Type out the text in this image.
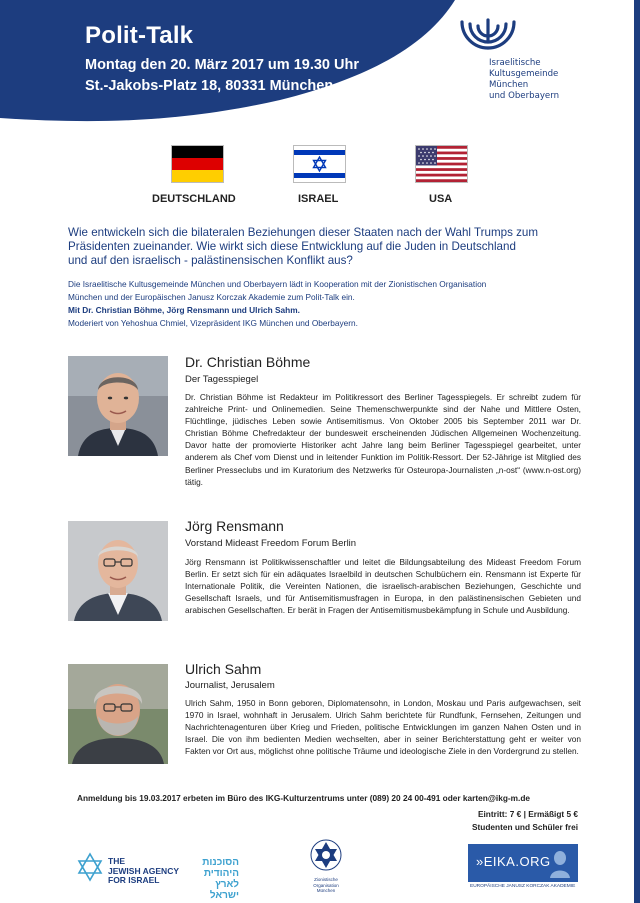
Polit-Talk
Montag den 20. März 2017 um 19.30 Uhr
St.-Jakobs-Platz 18, 80331 München
Israelitische
Kultusgemeinde
München
und Oberbayern
DEUTSCHLAND	ISRAEL	USA
Wie entwickeln sich die bilateralen Beziehungen dieser Staaten nach der Wahl Trumps zum
Präsidenten zueinander. Wie wirkt sich diese Entwicklung auf die Juden in Deutschland
und auf den israelisch - palästinensischen Konflikt aus?
Die Israelitische Kultusgemeinde München und Oberbayern lädt in Kooperation mit der Zionistischen Organisation
München und der Europäischen Janusz Korczak Akademie zum Polit-Talk ein.
Mit Dr. Christian Böhme, Jörg Rensmann und Ulrich Sahm.
Moderiert von Yehoshua Chmiel, Vizepräsident IKG München und Oberbayern.
Dr. Christian Böhme
Der Tagesspiegel
Dr. Christian Böhme ist Redakteur im Politikressort des Berliner Tagesspiegels. Er schreibt zudem für zahlreiche Print- und Onlinemedien. Seine Themenschwerpunkte sind der Nahe und Mittlere Osten, Flüchtlinge, jüdisches Leben sowie Antisemitismus. Von Oktober 2005 bis September 2011 war Dr. Christian Böhme Chefredakteur der bundesweit erscheinenden Jüdischen Allgemeinen Wochenzeitung. Davor hatte der promovierte Historiker acht Jahre lang beim Berliner Tagesspiegel gearbeitet, unter anderem als Chef vom Dienst und in leitender Funktion im Politik-Ressort. Der 52-Jährige ist Mitglied des Berliner Presseclubs und im Kuratorium des Netzwerks für Osteuropa-Journalisten „n-ost“ (www.n-ost.org) tätig.
Jörg Rensmann
Vorstand Mideast Freedom Forum Berlin
Jörg Rensmann ist Politikwissenschaftler und leitet die Bildungsabteilung des Mideast Freedom Forum Berlin. Er setzt sich für ein adäquates Israelbild in deutschen Schulbüchern ein. Rensmann ist Experte für Internationale Politik, die Vereinten Nationen, die israelisch-arabischen Beziehungen, Geschichte und Gesellschaft Israels, und für Antisemitismusfragen in Europa, in den palästinensischen Gebieten und arabischen Gesellschaften. Er berät in Fragen der Antisemitismusbekämpfung in Schule und Ausbildung.
Ulrich Sahm
Journalist, Jerusalem
Ulrich Sahm, 1950 in Bonn geboren, Diplomatensohn, in London, Moskau und Paris aufgewachsen, seit 1970 in Israel, wohnhaft in Jerusalem. Ulrich Sahm berichtete für Rundfunk, Fernsehen, Zeitungen und Nachrichtenagenturen über Krieg und Frieden, politische Entwicklungen im ganzen Nahen Osten und in Israel. Die von ihm bedienten Medien wechselten, aber in seiner Berichterstattung geht er weiter von Fakten vor Ort aus, möglichst ohne politische Träume und ideologische Ziele in den Vordergrund zu stellen.
Anmeldung bis 19.03.2017 erbeten im Büro des IKG-Kulturzentrums unter (089) 20 24 00-491 oder karten@ikg-m.de
Eintritt: 7 € | Ermäßigt 5 €
Studenten und Schüler frei
THE
JEWISH AGENCY
FOR ISRAEL
הסוכנות היהודית
לארץ
ישראל
Zionistische Organisation
München
»EIKA.ORG
EUROPÄISCHE JANUSZ KORCZAK AKADEMIE
